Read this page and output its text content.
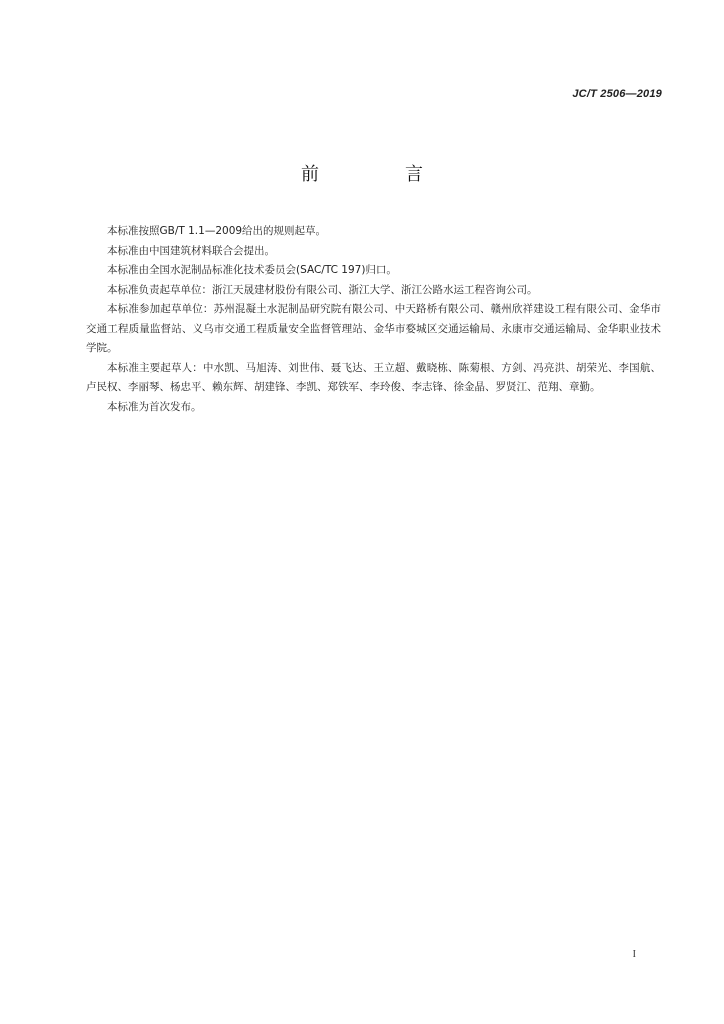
JC/T 2506—2019
前　言

本标准按照GB/T 1.1—2009给出的规则起草。

本标准由中国建筑材料联合会提出。

本标准由全国水泥制品标准化技术委员会(SAC/TC 197)归口。

本标准负责起草单位：浙江天晟建材股份有限公司、浙江大学、浙江公路水运工程咨询公司。

本标准参加起草单位：苏州混凝土水泥制品研究院有限公司、中天路桥有限公司、赣州欣祥建设工程有限公司、金华市交通工程质量监督站、义乌市交通工程质量安全监督管理站、金华市婺城区交通运输局、永康市交通运输局、金华职业技术学院。

本标准主要起草人：中水凯、马旭涛、刘世伟、聂飞达、王立超、戴晓栋、陈菊根、方剑、冯亮洪、胡荣光、李国航、卢民权、李丽琴、杨忠平、赖东辉、胡建锋、李凯、郑铁军、李玲俊、李志锋、徐金晶、罗贤江、范翔、章勤。

本标准为首次发布。

I
